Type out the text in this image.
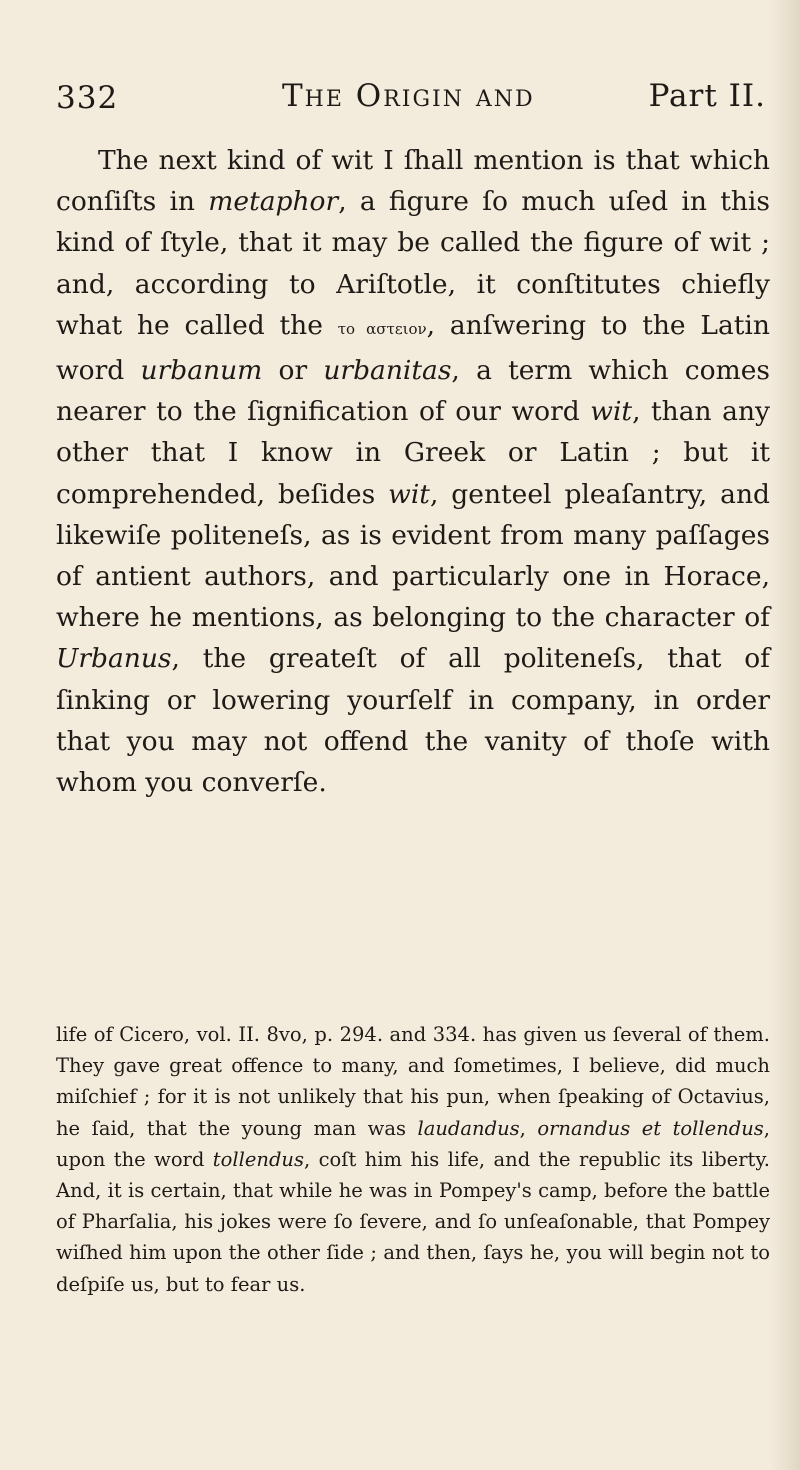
332	The Origin and	Part II.

The next kind of wit I ſhall mention is that which conſiſts in metaphor, a figure ſo much uſed in this kind of ſtyle, that it may be called the figure of wit ; and, according to Ariſtotle, it conſtitutes chiefly what he called the το αστειον, anſwering to the Latin word urbanum or urbanitas, a term which comes nearer to the ſignification of our word wit, than any other that I know in Greek or Latin ; but it comprehended, beſides wit, genteel pleaſantry, and likewiſe politeneſs, as is evident from many paſſages of antient authors, and particularly one in Horace, where he mentions, as belonging to the character of Urbanus, the greateſt of all politeneſs, that of ſinking or lowering yourſelf in company, in order that you may not offend the vanity of thoſe with whom you converſe.

life of Cicero, vol. II. 8vo, p. 294. and 334. has given us ſeveral of them. They gave great offence to many, and ſometimes, I believe, did much miſchief ; for it is not unlikely that his pun, when ſpeaking of Octavius, he ſaid, that the young man was laudandus, ornandus et tollendus, upon the word tollendus, coſt him his life, and the republic its liberty. And, it is certain, that while he was in Pompey's camp, before the battle of Pharſalia, his jokes were ſo ſevere, and ſo unſeaſonable, that Pompey wiſhed him upon the other ſide ; and then, ſays he, you will begin not to deſpiſe us, but to fear us.
